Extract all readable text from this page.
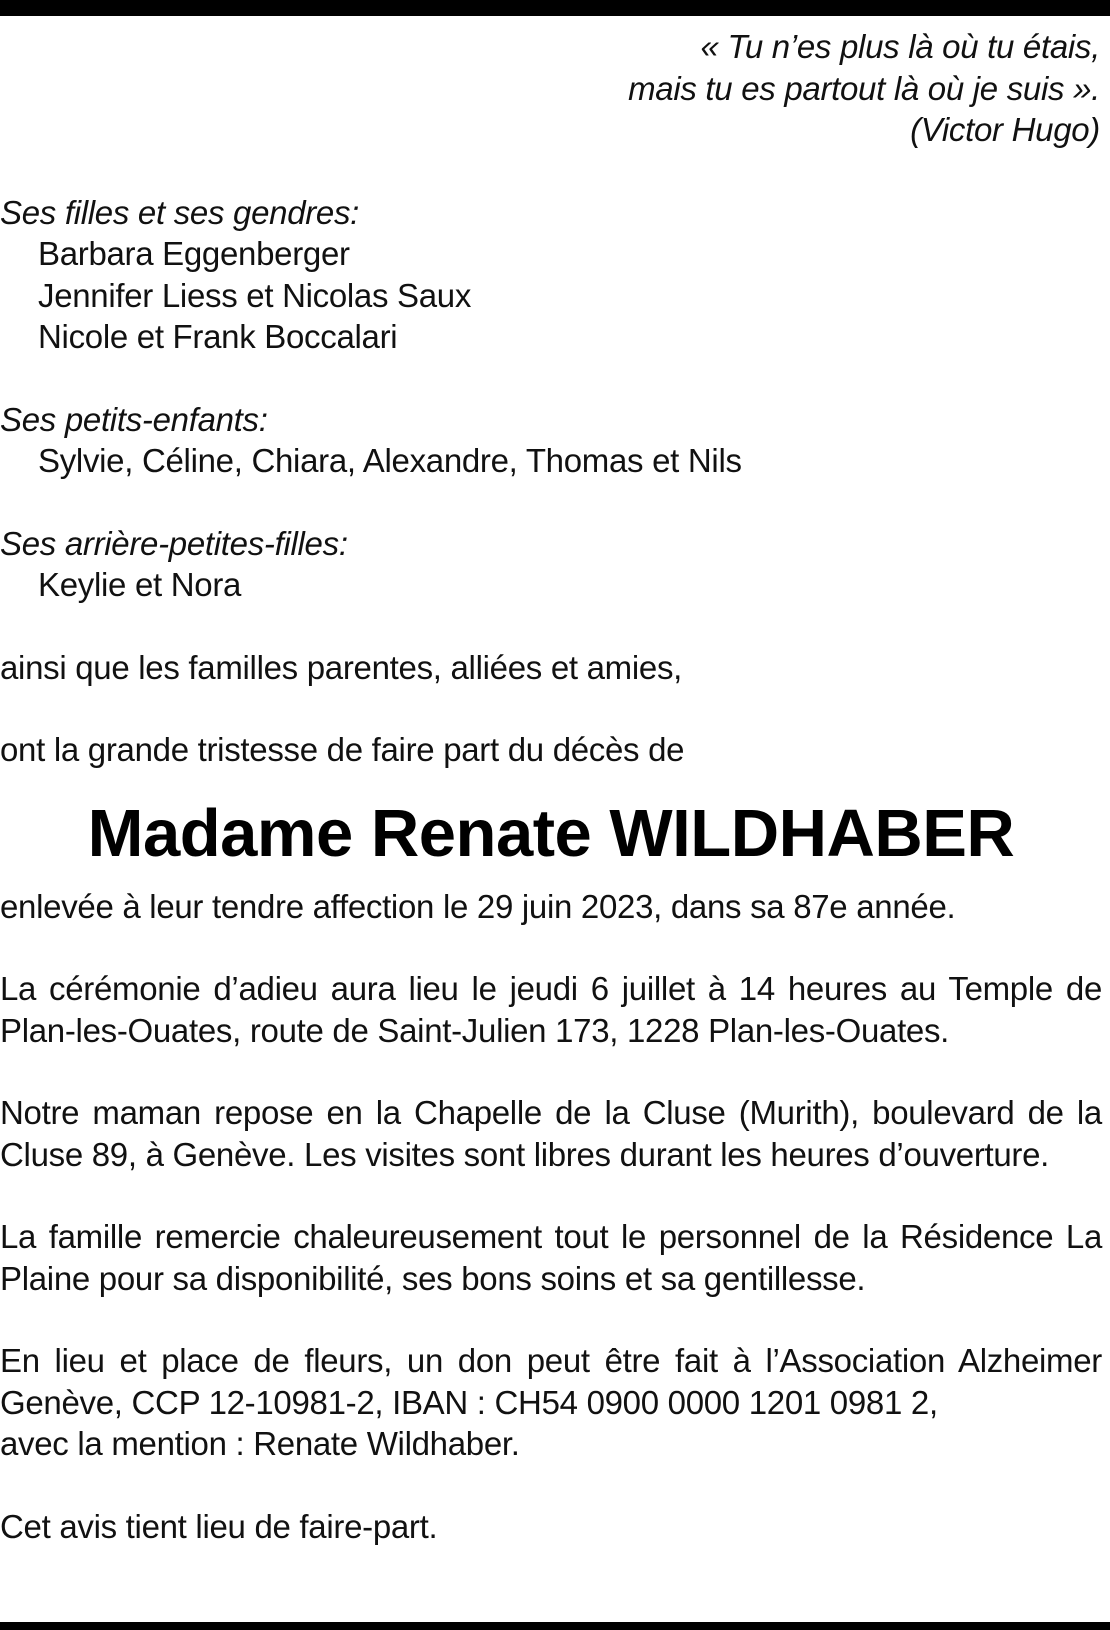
« Tu n’es plus là où tu étais,
mais tu es partout là où je suis ».
(Victor Hugo)
Ses filles et ses gendres:
Barbara Eggenberger
Jennifer Liess et Nicolas Saux
Nicole et Frank Boccalari
Ses petits-enfants:
Sylvie, Céline, Chiara, Alexandre, Thomas et Nils
Ses arrière-petites-filles:
Keylie et Nora
ainsi que les familles parentes, alliées et amies,
ont la grande tristesse de faire part du décès de
Madame Renate WILDHABER
enlevée à leur tendre affection le 29 juin 2023, dans sa 87e année.
La cérémonie d’adieu aura lieu le jeudi 6 juillet à 14 heures au Temple de Plan-les-Ouates, route de Saint-Julien 173, 1228 Plan-les-Ouates.
Notre maman repose en la Chapelle de la Cluse (Murith), boulevard de la Cluse 89, à Genève. Les visites sont libres durant les heures d’ouverture.
La famille remercie chaleureusement tout le personnel de la Résidence La Plaine pour sa disponibilité, ses bons soins et sa gentillesse.
En lieu et place de fleurs, un don peut être fait à l’Association Alzheimer
Genève, CCP 12-10981-2, IBAN : CH54 0900 0000 1201 0981 2,
avec la mention : Renate Wildhaber.
Cet avis tient lieu de faire-part.
